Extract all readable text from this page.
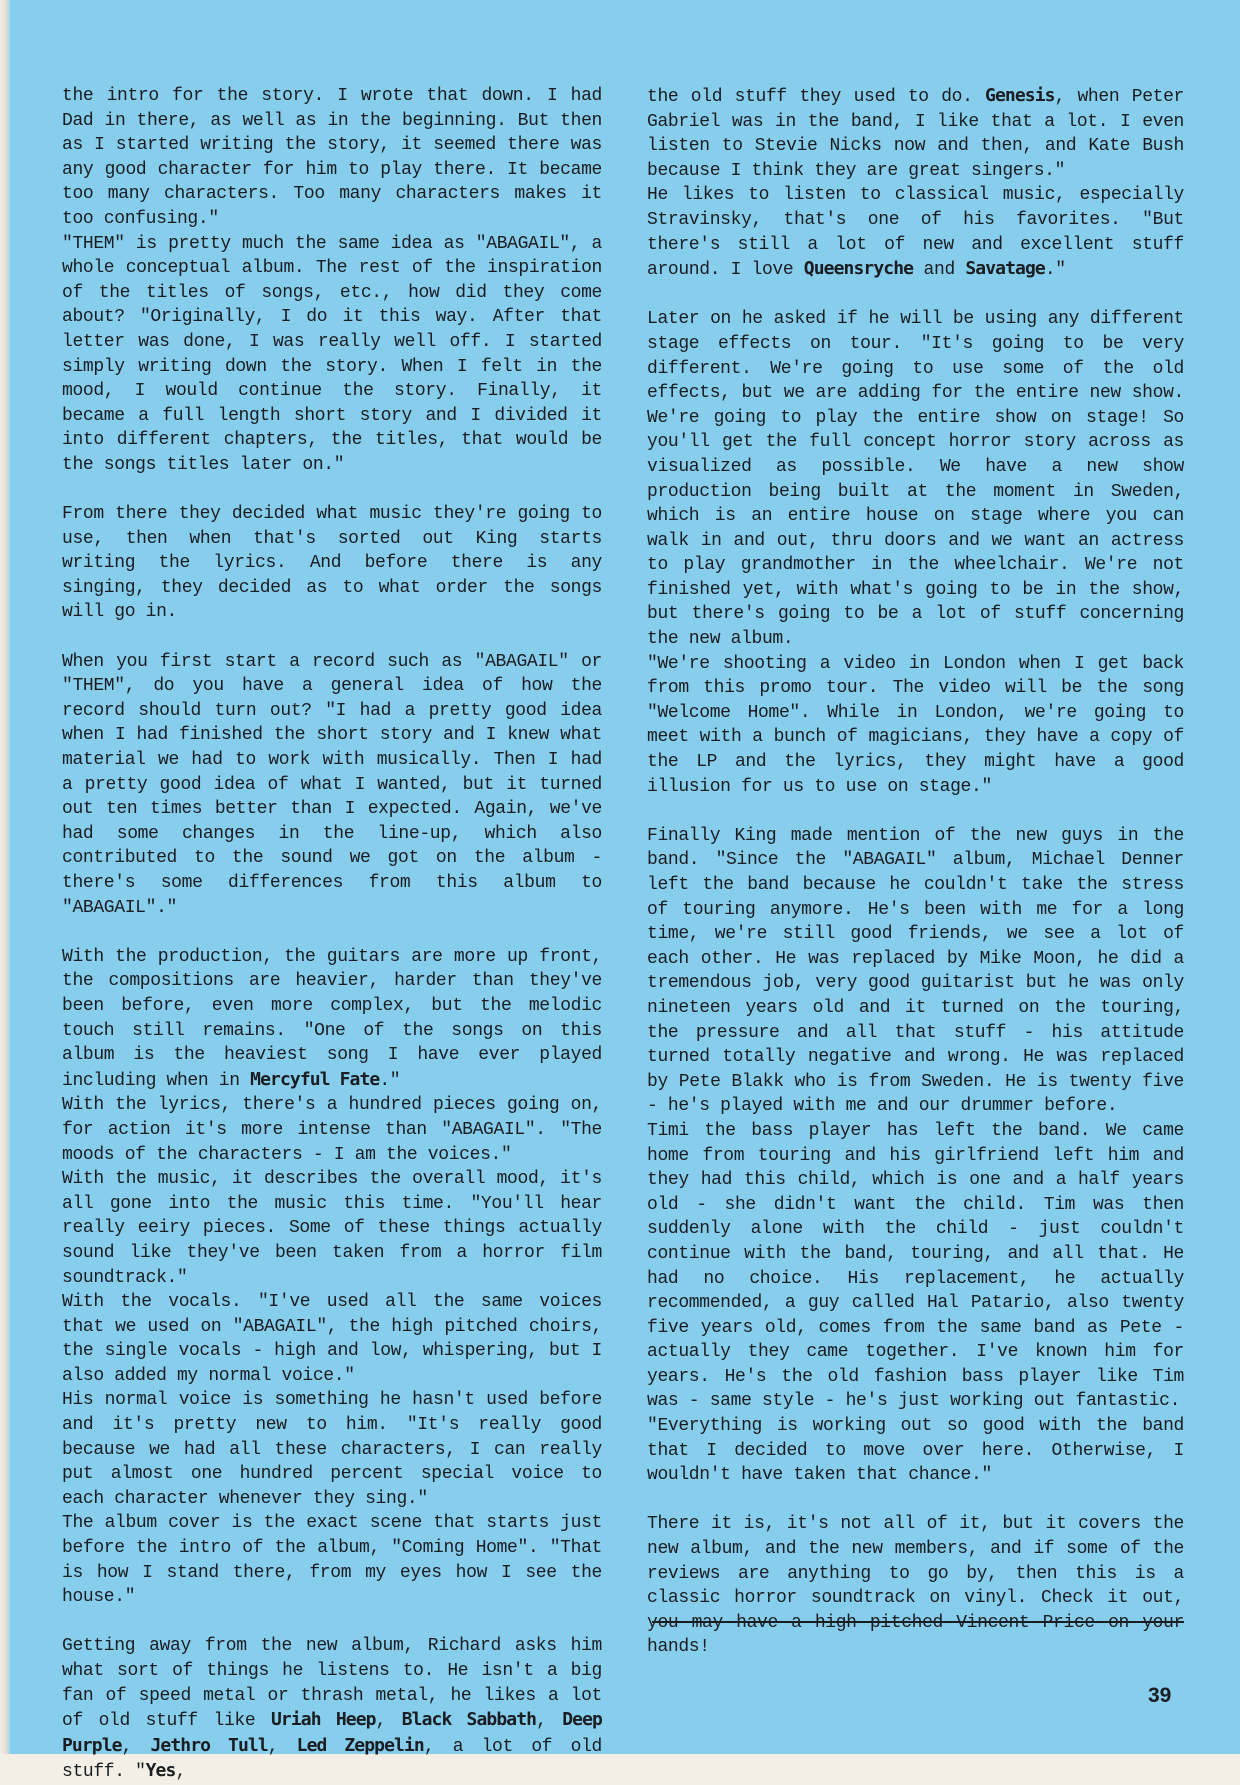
the intro for the story. I wrote that down. I had Dad in there, as well as in the beginning. But then as I started writing the story, it seemed there was any good character for him to play there. It became too many characters. Too many characters makes it too confusing."

"THEM" is pretty much the same idea as "ABAGAIL", a whole conceptual album. The rest of the inspiration of the titles of songs, etc., how did they come about? "Originally, I do it this way. After that letter was done, I was really well off. I started simply writing down the story. When I felt in the mood, I would continue the story. Finally, it became a full length short story and I divided it into different chapters, the titles, that would be the songs titles later on."

From there they decided what music they're going to use, then when that's sorted out King starts writing the lyrics. And before there is any singing, they decided as to what order the songs will go in.

When you first start a record such as "ABAGAIL" or "THEM", do you have a general idea of how the record should turn out? "I had a pretty good idea when I had finished the short story and I knew what material we had to work with musically. Then I had a pretty good idea of what I wanted, but it turned out ten times better than I expected. Again, we've had some changes in the line-up, which also contributed to the sound we got on the album - there's some differences from this album to "ABAGAIL"."

With the production, the guitars are more up front, the compositions are heavier, harder than they've been before, even more complex, but the melodic touch still remains. "One of the songs on this album is the heaviest song I have ever played including when in Mercyful Fate."

With the lyrics, there's a hundred pieces going on, for action it's more intense than "ABAGAIL". "The moods of the characters - I am the voices."

With the music, it describes the overall mood, it's all gone into the music this time. "You'll hear really eeiry pieces. Some of these things actually sound like they've been taken from a horror film soundtrack."

With the vocals. "I've used all the same voices that we used on "ABAGAIL", the high pitched choirs, the single vocals - high and low, whispering, but I also added my normal voice."

His normal voice is something he hasn't used before and it's pretty new to him. "It's really good because we had all these characters, I can really put almost one hundred percent special voice to each character whenever they sing."

The album cover is the exact scene that starts just before the intro of the album, "Coming Home". "That is how I stand there, from my eyes how I see the house."

Getting away from the new album, Richard asks him what sort of things he listens to. He isn't a big fan of speed metal or thrash metal, he likes a lot of old stuff like Uriah Heep, Black Sabbath, Deep Purple, Jethro Tull, Led Zeppelin, a lot of old stuff. "Yes,

the old stuff they used to do. Genesis, when Peter Gabriel was in the band, I like that a lot. I even listen to Stevie Nicks now and then, and Kate Bush because I think they are great singers."

He likes to listen to classical music, especially Stravinsky, that's one of his favorites. "But there's still a lot of new and excellent stuff around. I love Queensryche and Savatage."

Later on he asked if he will be using any different stage effects on tour. "It's going to be very different. We're going to use some of the old effects, but we are adding for the entire new show. We're going to play the entire show on stage! So you'll get the full concept horror story across as visualized as possible. We have a new show production being built at the moment in Sweden, which is an entire house on stage where you can walk in and out, thru doors and we want an actress to play grandmother in the wheelchair. We're not finished yet, with what's going to be in the show, but there's going to be a lot of stuff concerning the new album.

"We're shooting a video in London when I get back from this promo tour. The video will be the song "Welcome Home". While in London, we're going to meet with a bunch of magicians, they have a copy of the LP and the lyrics, they might have a good illusion for us to use on stage."

Finally King made mention of the new guys in the band. "Since the "ABAGAIL" album, Michael Denner left the band because he couldn't take the stress of touring anymore. He's been with me for a long time, we're still good friends, we see a lot of each other. He was replaced by Mike Moon, he did a tremendous job, very good guitarist but he was only nineteen years old and it turned on the touring, the pressure and all that stuff - his attitude turned totally negative and wrong. He was replaced by Pete Blakk who is from Sweden. He is twenty five - he's played with me and our drummer before.

Timi the bass player has left the band. We came home from touring and his girlfriend left him and they had this child, which is one and a half years old - she didn't want the child. Tim was then suddenly alone with the child - just couldn't continue with the band, touring, and all that. He had no choice. His replacement, he actually recommended, a guy called Hal Patario, also twenty five years old, comes from the same band as Pete - actually they came together. I've known him for years. He's the old fashion bass player like Tim was - same style - he's just working out fantastic.

"Everything is working out so good with the band that I decided to move over here. Otherwise, I wouldn't have taken that chance."

There it is, it's not all of it, but it covers the new album, and the new members, and if some of the reviews are anything to go by, then this is a classic horror soundtrack on vinyl. Check it out, you may have a high pitched Vincent Price on your hands!

39
